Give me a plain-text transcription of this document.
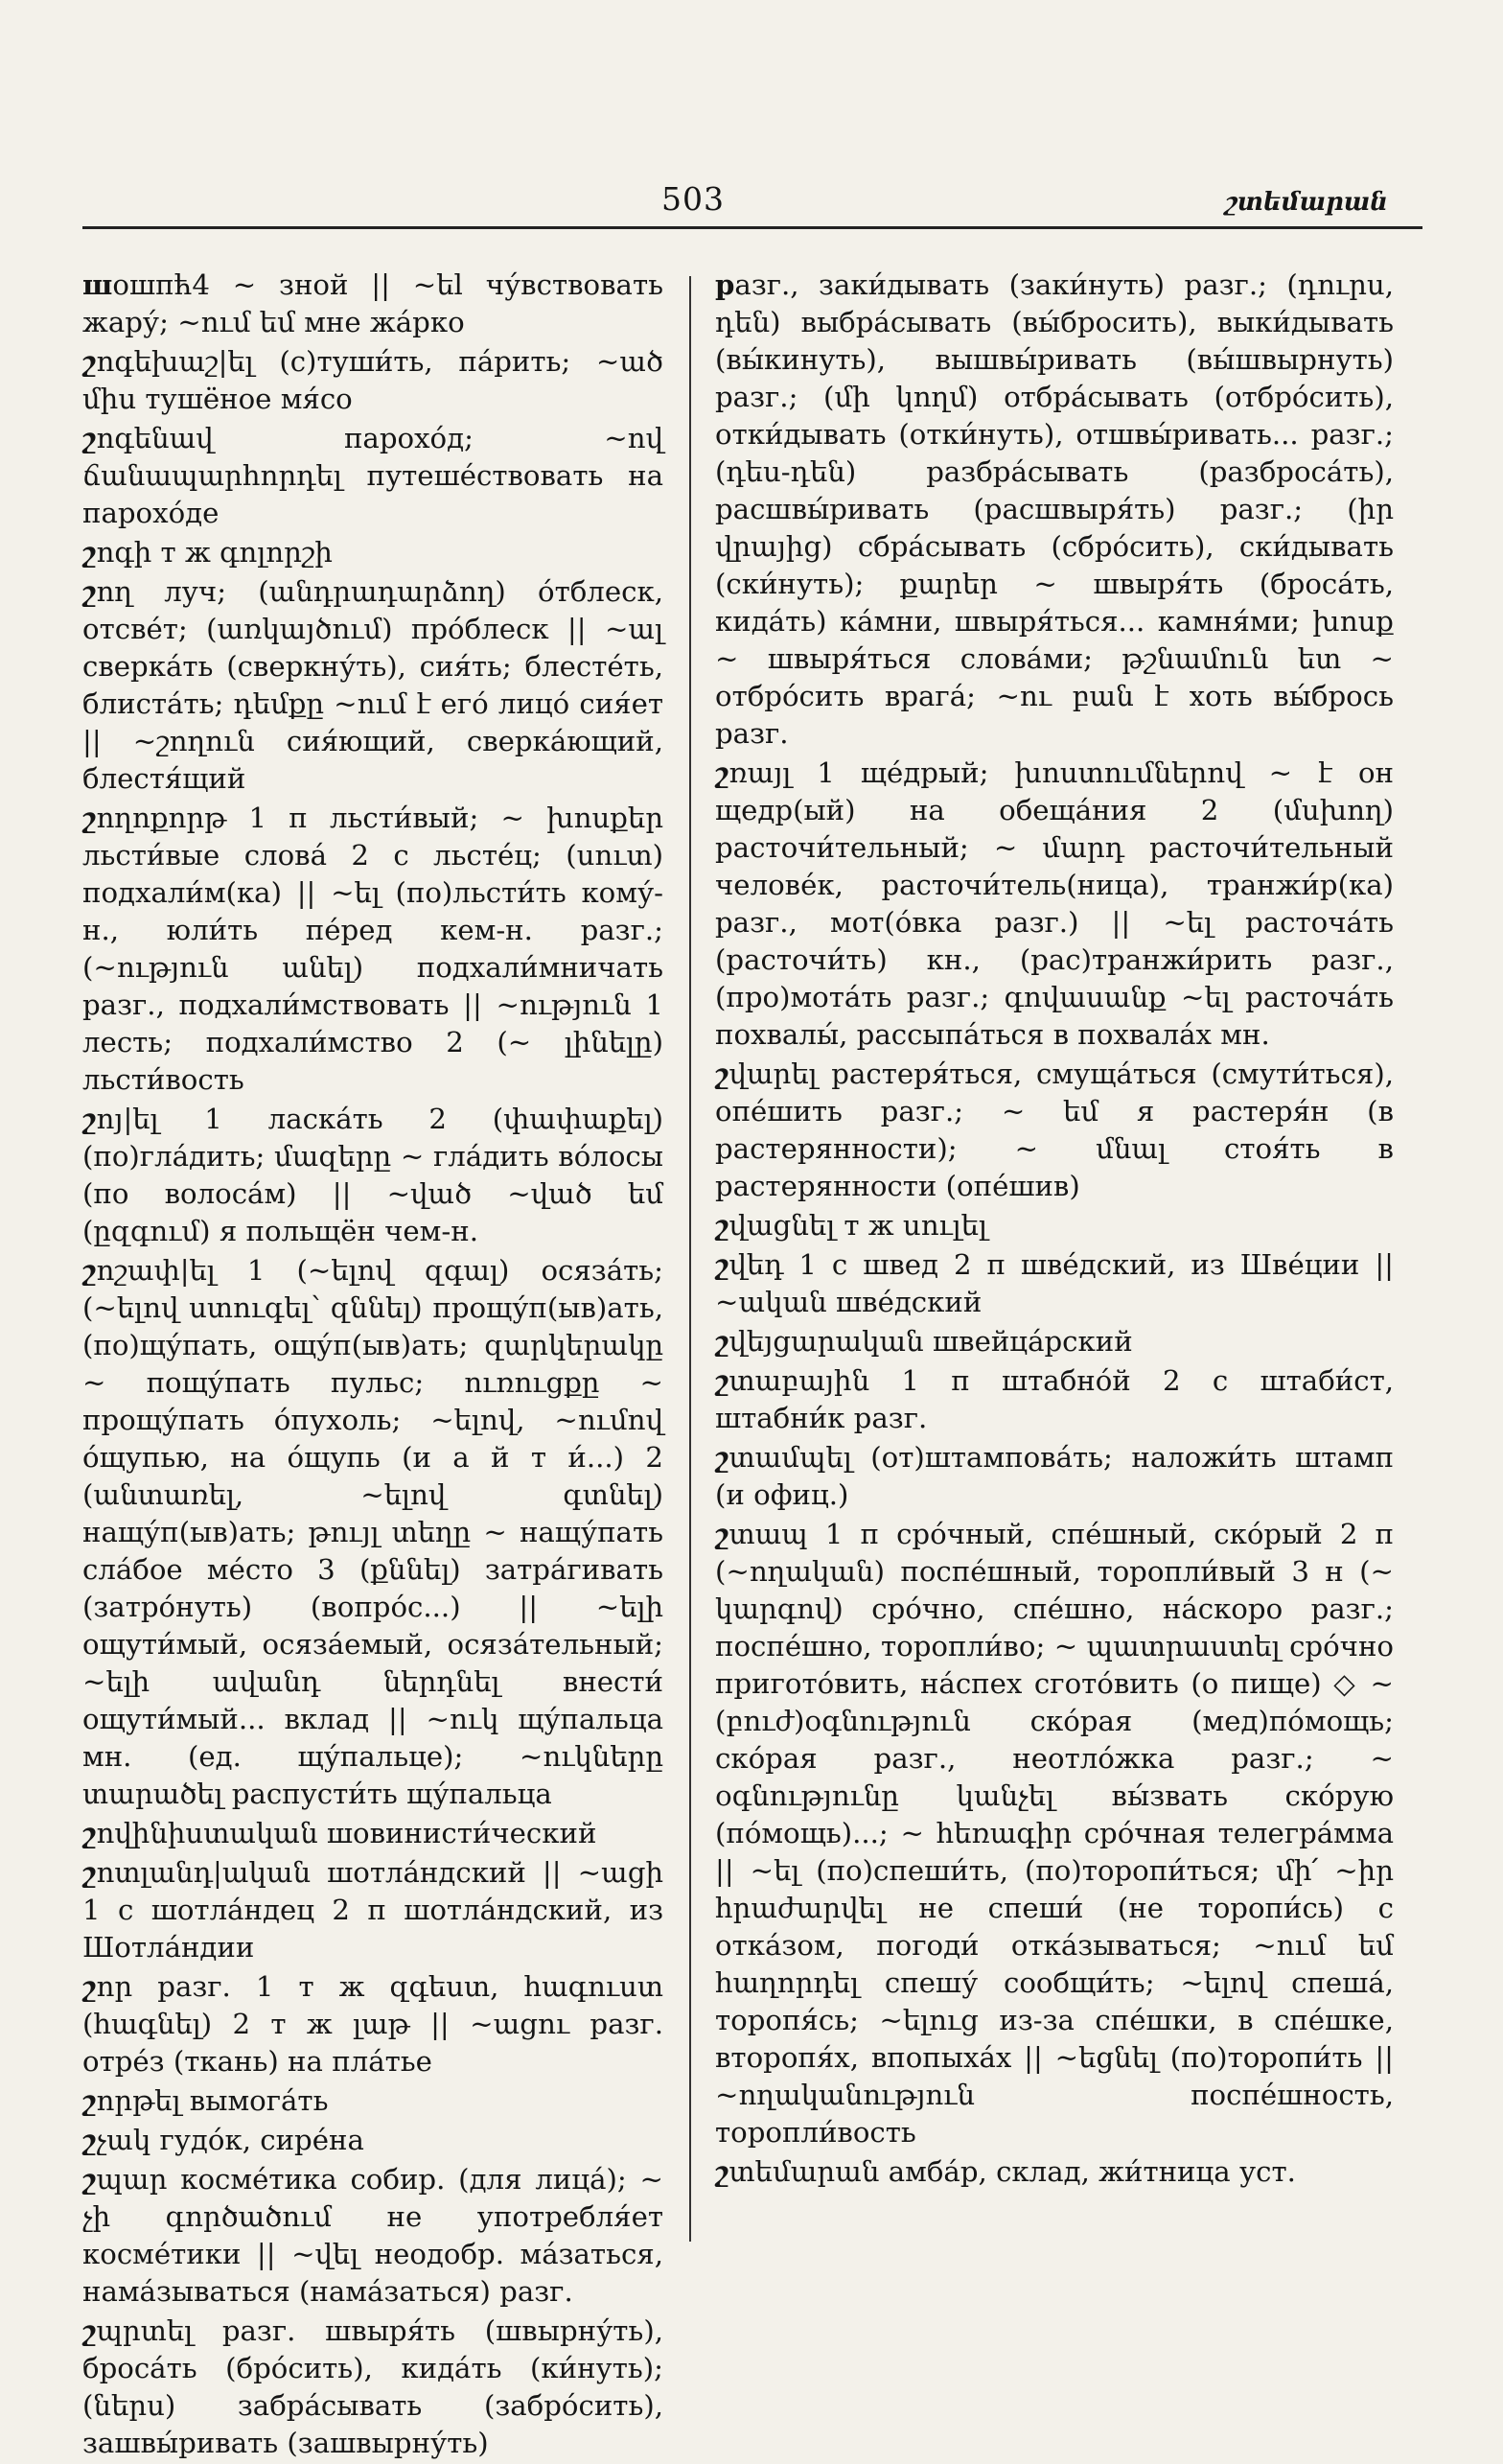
503	շտեմարան

шошпћ4 ~ зной || ~եl чу́вствовать жару́; ~ում եմ мне жа́рко

շոգեխաշ|ել (с)туши́ть, па́рить; ~ած միս тушёное мя́со

շոգենավ парохо́д; ~ով ճանապարհորդել путеше́ствовать на парохо́де

շոգի т ж գոլորշի

շող луч; (անդրադարձող) о́тблеск, отсве́т; (առկայծում) про́блеск || ~ալ сверка́ть (сверкну́ть), сия́ть; блесте́ть, блиста́ть; դեմքը ~ում է его́ лицо́ сия́ет || ~շողուն сия́ющий, сверка́ющий, блестя́щий

շողոքորթ 1 п льсти́вый; ~ խոսքեր льсти́вые слова́ 2 с льсте́ц; (սուտ) подхали́м(ка) || ~ել (по)льсти́ть кому́-н., юли́ть пе́ред кем-н. разг.; (~ություն անել) подхали́мничать разг., подхали́мствовать || ~ություն 1 лесть; подхали́мство 2 (~ լինելը) льсти́вость

շոյ|ել 1 ласка́ть 2 (փափաքել) (по)гла́дить; մազերը ~ гла́дить во́лосы (по волоса́м) || ~ված ~ված եմ (ըզգում) я польщён чем-н.

շոշափ|ել 1 (~ելով զգալ) осяза́ть; (~ելով ստուգել՝ զննել) прощу́п(ыв)ать, (по)щу́пать, ощу́п(ыв)ать; զարկերակը ~ пощу́пать пульс; ուռուցքը ~ прощу́пать о́пухоль; ~ելով, ~ումով о́щупью, на о́щупь (и а й т и́...) 2 (անտառել, ~ելով գտնել) нащу́п(ыв)ать; թույլ տեղը ~ нащу́пать сла́бое ме́сто 3 (քննել) затра́гивать (затро́нуть) (вопро́с...) || ~ելի ощути́мый, осяза́емый, осяза́тельный; ~ելի ավանդ ներդնել внести́ ощути́мый... вклад || ~ուկ щу́пальца мн. (ед. щу́пальце); ~ուկները տարածել распусти́ть щу́пальца

շովինիստական шовинисти́ческий

շոտլանդ|ական шотла́ндский || ~ացի 1 с шотла́ндец 2 п шотла́ндский, из Шотла́ндии

շոր разг. 1 т ж զգեստ, հագուստ (հագնել) 2 т ж լաթ || ~ացու разг. отре́з (ткань) на пла́тье

շորթել вымога́ть

շչակ гудо́к, сире́на

շպար косме́тика собир. (для лица́); ~ չի գործածում не употребля́ет косме́тики || ~վել неодобр. ма́заться, нама́зываться (нама́заться) разг.

շպրտել разг. швыря́ть (швырну́ть), броса́ть (бро́сить), кида́ть (ки́нуть); (ներս) забра́сывать (забро́сить), зашвы́ривать (зашвырну́ть)

разг., заки́дывать (заки́нуть) разг.; (դուրս, դեն) выбра́сывать (вы́бросить), выки́дывать (вы́кинуть), вышвы́ривать (вы́швырнуть) разг.; (մի կողմ) отбра́сывать (отбро́сить), отки́дывать (отки́нуть), отшвы́ривать... разг.; (դես-դեն) разбра́сывать (разброса́ть), расшвы́ривать (расшвыря́ть) разг.; (իր վրայից) сбра́сывать (сбро́сить), ски́дывать (ски́нуть); քարեր ~ швыря́ть (броса́ть, кида́ть) ка́мни, швыря́ться... камня́ми; խոսք ~ швыря́ться слова́ми; թշնամուն ետ ~ отбро́сить врага́; ~ու բան է хоть вы́брось разг.

շռայլ 1 ще́дрый; խոստումներով ~ է он щедр(ый) на обеща́ния 2 (մսխող) расточи́тельный; ~ մարդ расточи́тельный челове́к, расточи́тель(ница), транжи́р(ка) разг., мот(о́вка разг.) || ~ել расточа́ть (расточи́ть) кн., (рас)транжи́рить разг., (про)мота́ть разг.; գովասանք ~ել расточа́ть похвалы́, рассыпа́ться в похвала́х мн.

շվարել растеря́ться, смуща́ться (смути́ться), опе́шить разг.; ~ եմ я растеря́н (в растерянности); ~ մնալ стоя́ть в растерянности (опе́шив)

շվացնել т ж սուլել

շվեդ 1 с швед 2 п шве́дский, из Шве́ции || ~ական шве́дский

շվեյցարական швейца́рский

շտաբային 1 п штабно́й 2 с штаби́ст, штабни́к разг.

շտամպել (от)штампова́ть; наложи́ть штамп (и офиц.)

շտապ 1 п сро́чный, спе́шный, ско́рый 2 п (~ողական) поспе́шный, торопли́вый 3 н (~ կարգով) сро́чно, спе́шно, на́скоро разг.; поспе́шно, торопли́во; ~ պատրաստել сро́чно пригото́вить, на́спех сгото́вить (о пище) ◇ ~ (բուժ)օգնություն ско́рая (мед)по́мощь; ско́рая разг., неотло́жка разг.; ~ օգնությունը կանչել вы́звать ско́рую (по́мощь)...; ~ հեռագիր сро́чная телегра́мма || ~ել (по)спеши́ть, (по)торопи́ться; մի՛ ~իր հրաժարվել не спеши́ (не торопи́сь) с отка́зом, погоди́ отка́зываться; ~ում եմ հաղորդել спешу́ сообщи́ть; ~ելով спеша́, торопя́сь; ~ելուց из-за спе́шки, в спе́шке, второпя́х, впопыха́х || ~եցնել (по)торопи́ть || ~ողականություն поспе́шность, торопли́вость

շտեմարան амба́р, склад, жи́тница уст.
